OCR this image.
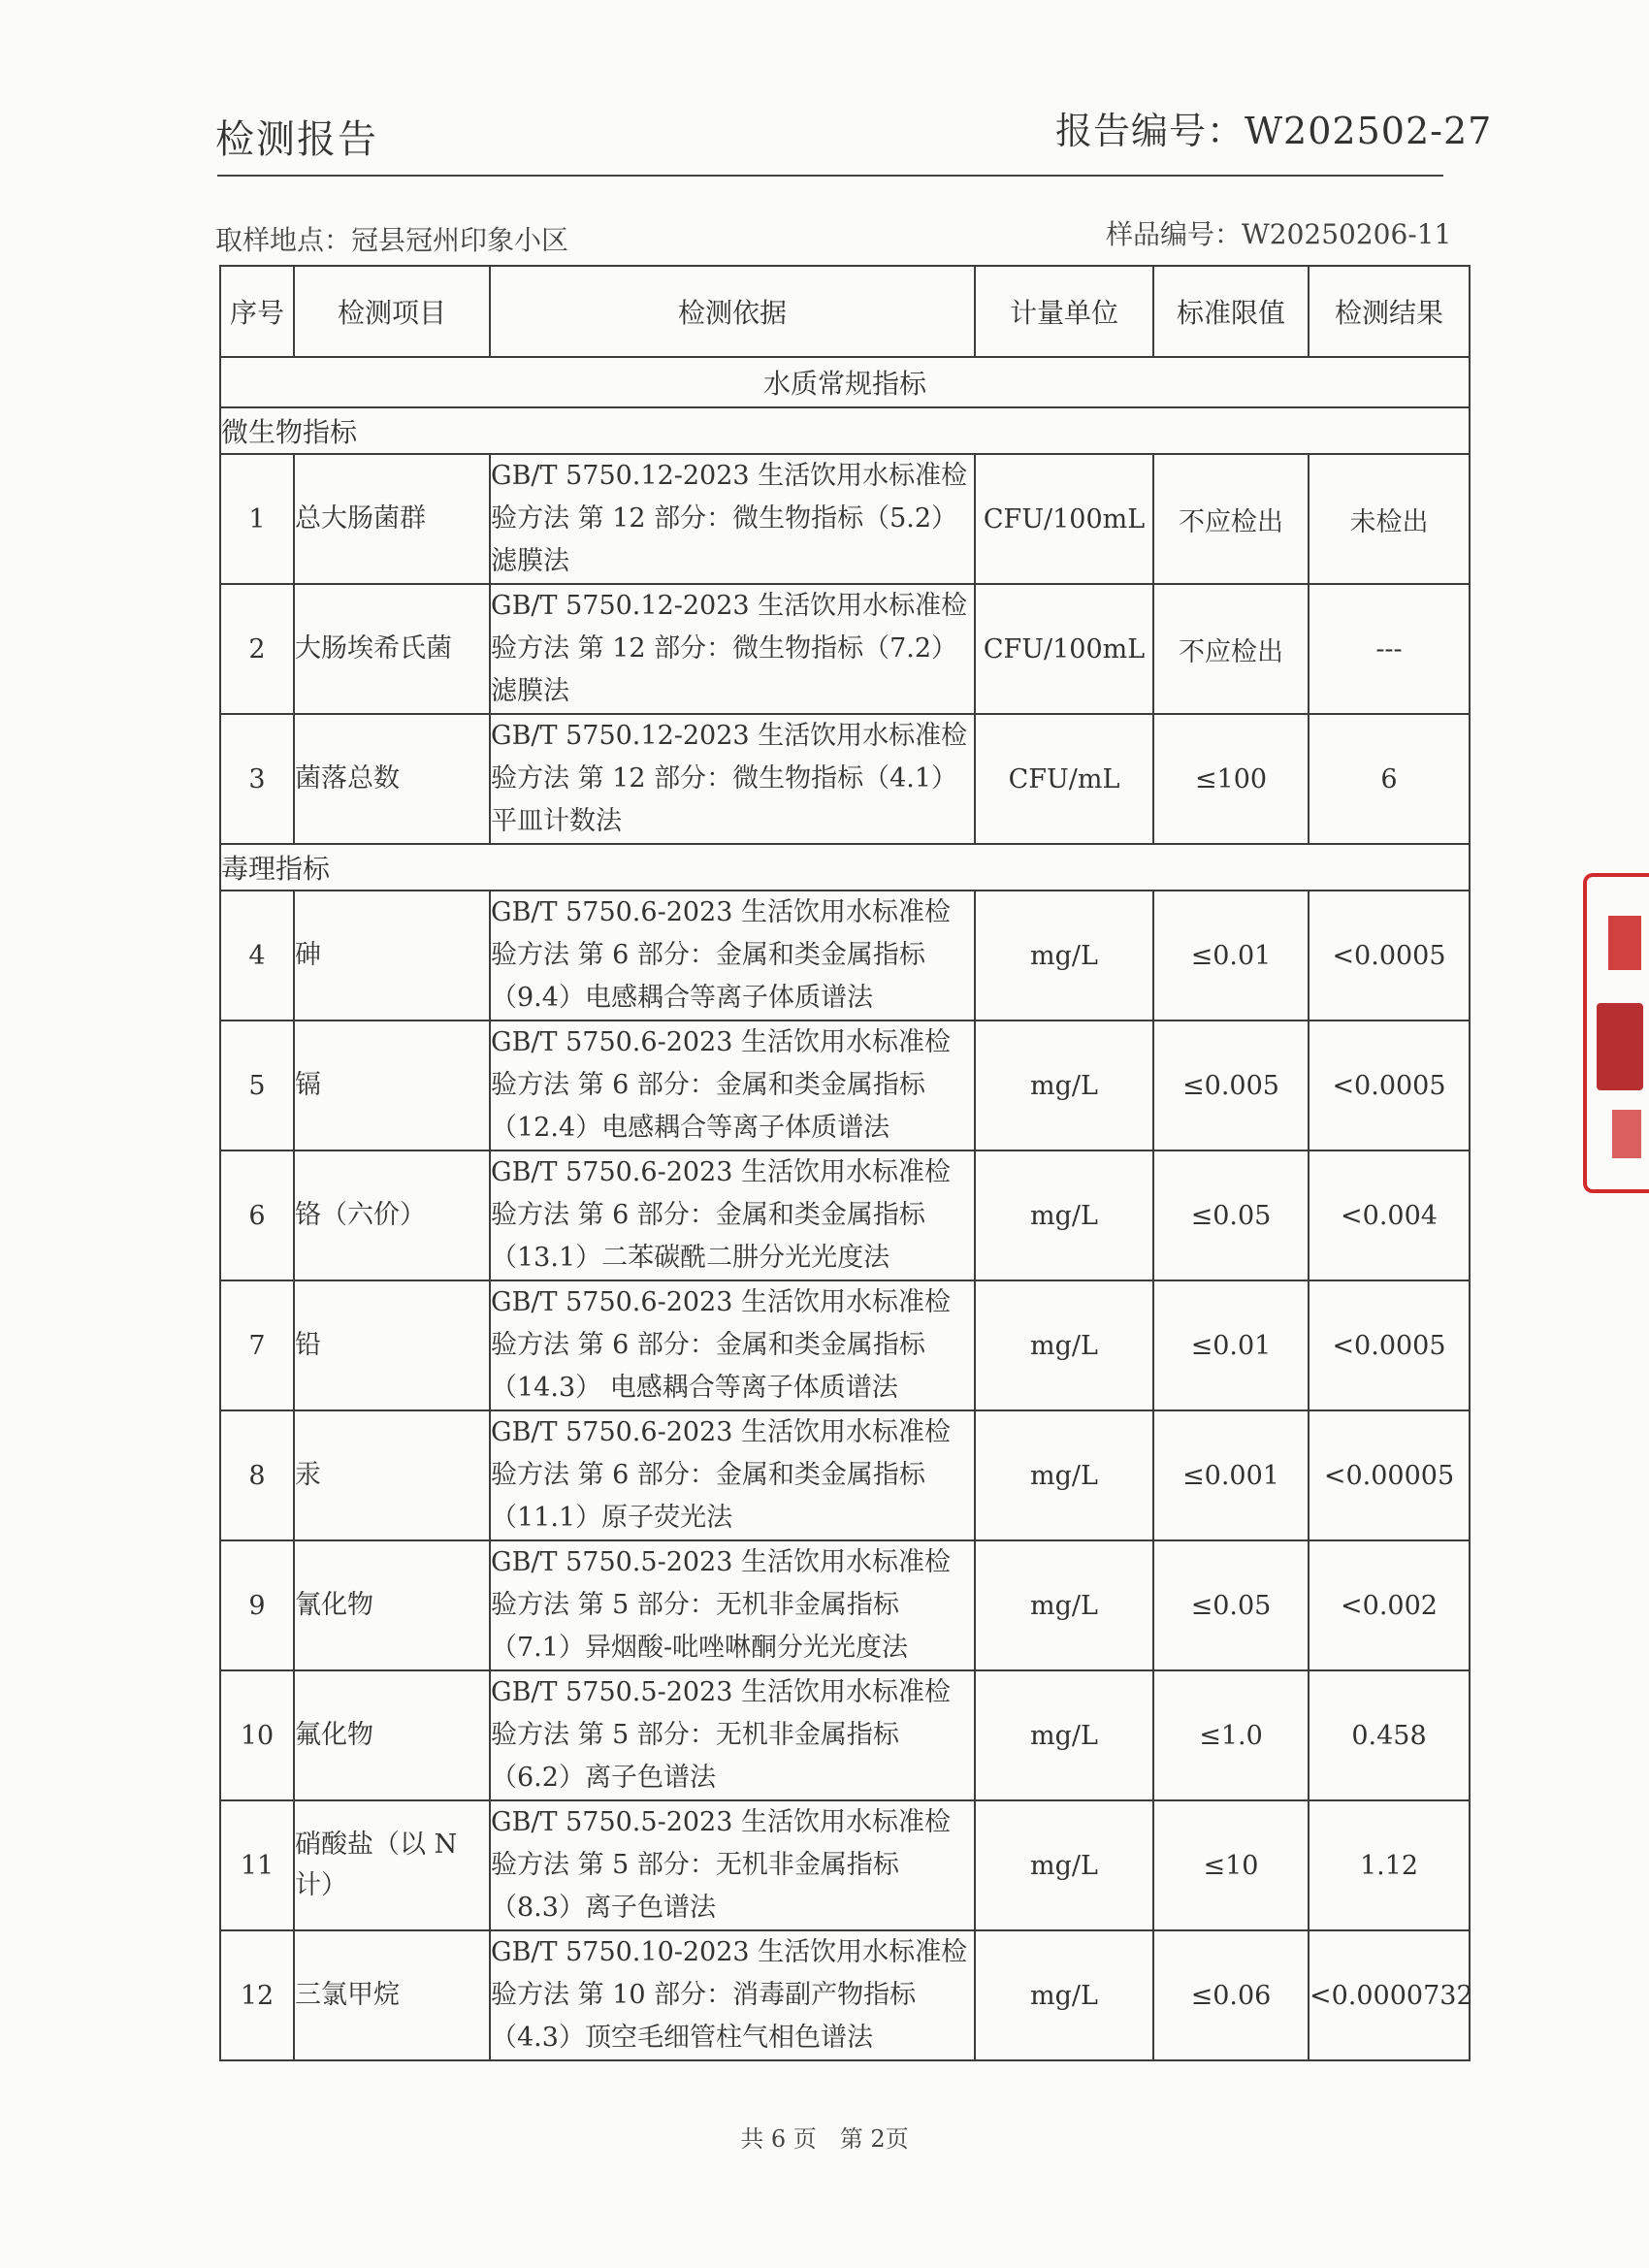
检测报告	报告编号：W202502-27
取样地点：冠县冠州印象小区	样品编号：W20250206-11
序号	检测项目	检测依据	计量单位	标准限值	检测结果
水质常规指标					
微生物指标					
1	总大肠菌群	GB/T 5750.12-2023 生活饮用水标准检验方法 第 12 部分：微生物指标（5.2）滤膜法	CFU/100mL	不应检出	未检出
2	大肠埃希氏菌	GB/T 5750.12-2023 生活饮用水标准检验方法 第 12 部分：微生物指标（7.2）滤膜法	CFU/100mL	不应检出	---
3	菌落总数	GB/T 5750.12-2023 生活饮用水标准检验方法 第 12 部分：微生物指标（4.1）平皿计数法	CFU/mL	≤100	6
毒理指标					
4	砷	GB/T 5750.6-2023 生活饮用水标准检验方法 第 6 部分：金属和类金属指标（9.4）电感耦合等离子体质谱法	mg/L	≤0.01	<0.0005
5	镉	GB/T 5750.6-2023 生活饮用水标准检验方法 第 6 部分：金属和类金属指标（12.4）电感耦合等离子体质谱法	mg/L	≤0.005	<0.0005
6	铬（六价）	GB/T 5750.6-2023 生活饮用水标准检验方法 第 6 部分：金属和类金属指标（13.1）二苯碳酰二肼分光光度法	mg/L	≤0.05	<0.004
7	铅	GB/T 5750.6-2023 生活饮用水标准检验方法 第 6 部分：金属和类金属指标（14.3） 电感耦合等离子体质谱法	mg/L	≤0.01	<0.0005
8	汞	GB/T 5750.6-2023 生活饮用水标准检验方法 第 6 部分：金属和类金属指标（11.1）原子荧光法	mg/L	≤0.001	<0.00005
9	氰化物	GB/T 5750.5-2023 生活饮用水标准检验方法 第 5 部分：无机非金属指标（7.1）异烟酸-吡唑啉酮分光光度法	mg/L	≤0.05	<0.002
10	氟化物	GB/T 5750.5-2023 生活饮用水标准检验方法 第 5 部分：无机非金属指标（6.2）离子色谱法	mg/L	≤1.0	0.458
11	硝酸盐（以 N 计）	GB/T 5750.5-2023 生活饮用水标准检验方法 第 5 部分：无机非金属指标（8.3）离子色谱法	mg/L	≤10	1.12
12	三氯甲烷	GB/T 5750.10-2023 生活饮用水标准检验方法 第 10 部分：消毒副产物指标（4.3）顶空毛细管柱气相色谱法	mg/L	≤0.06	<0.0000732
共 6 页　第 2页
